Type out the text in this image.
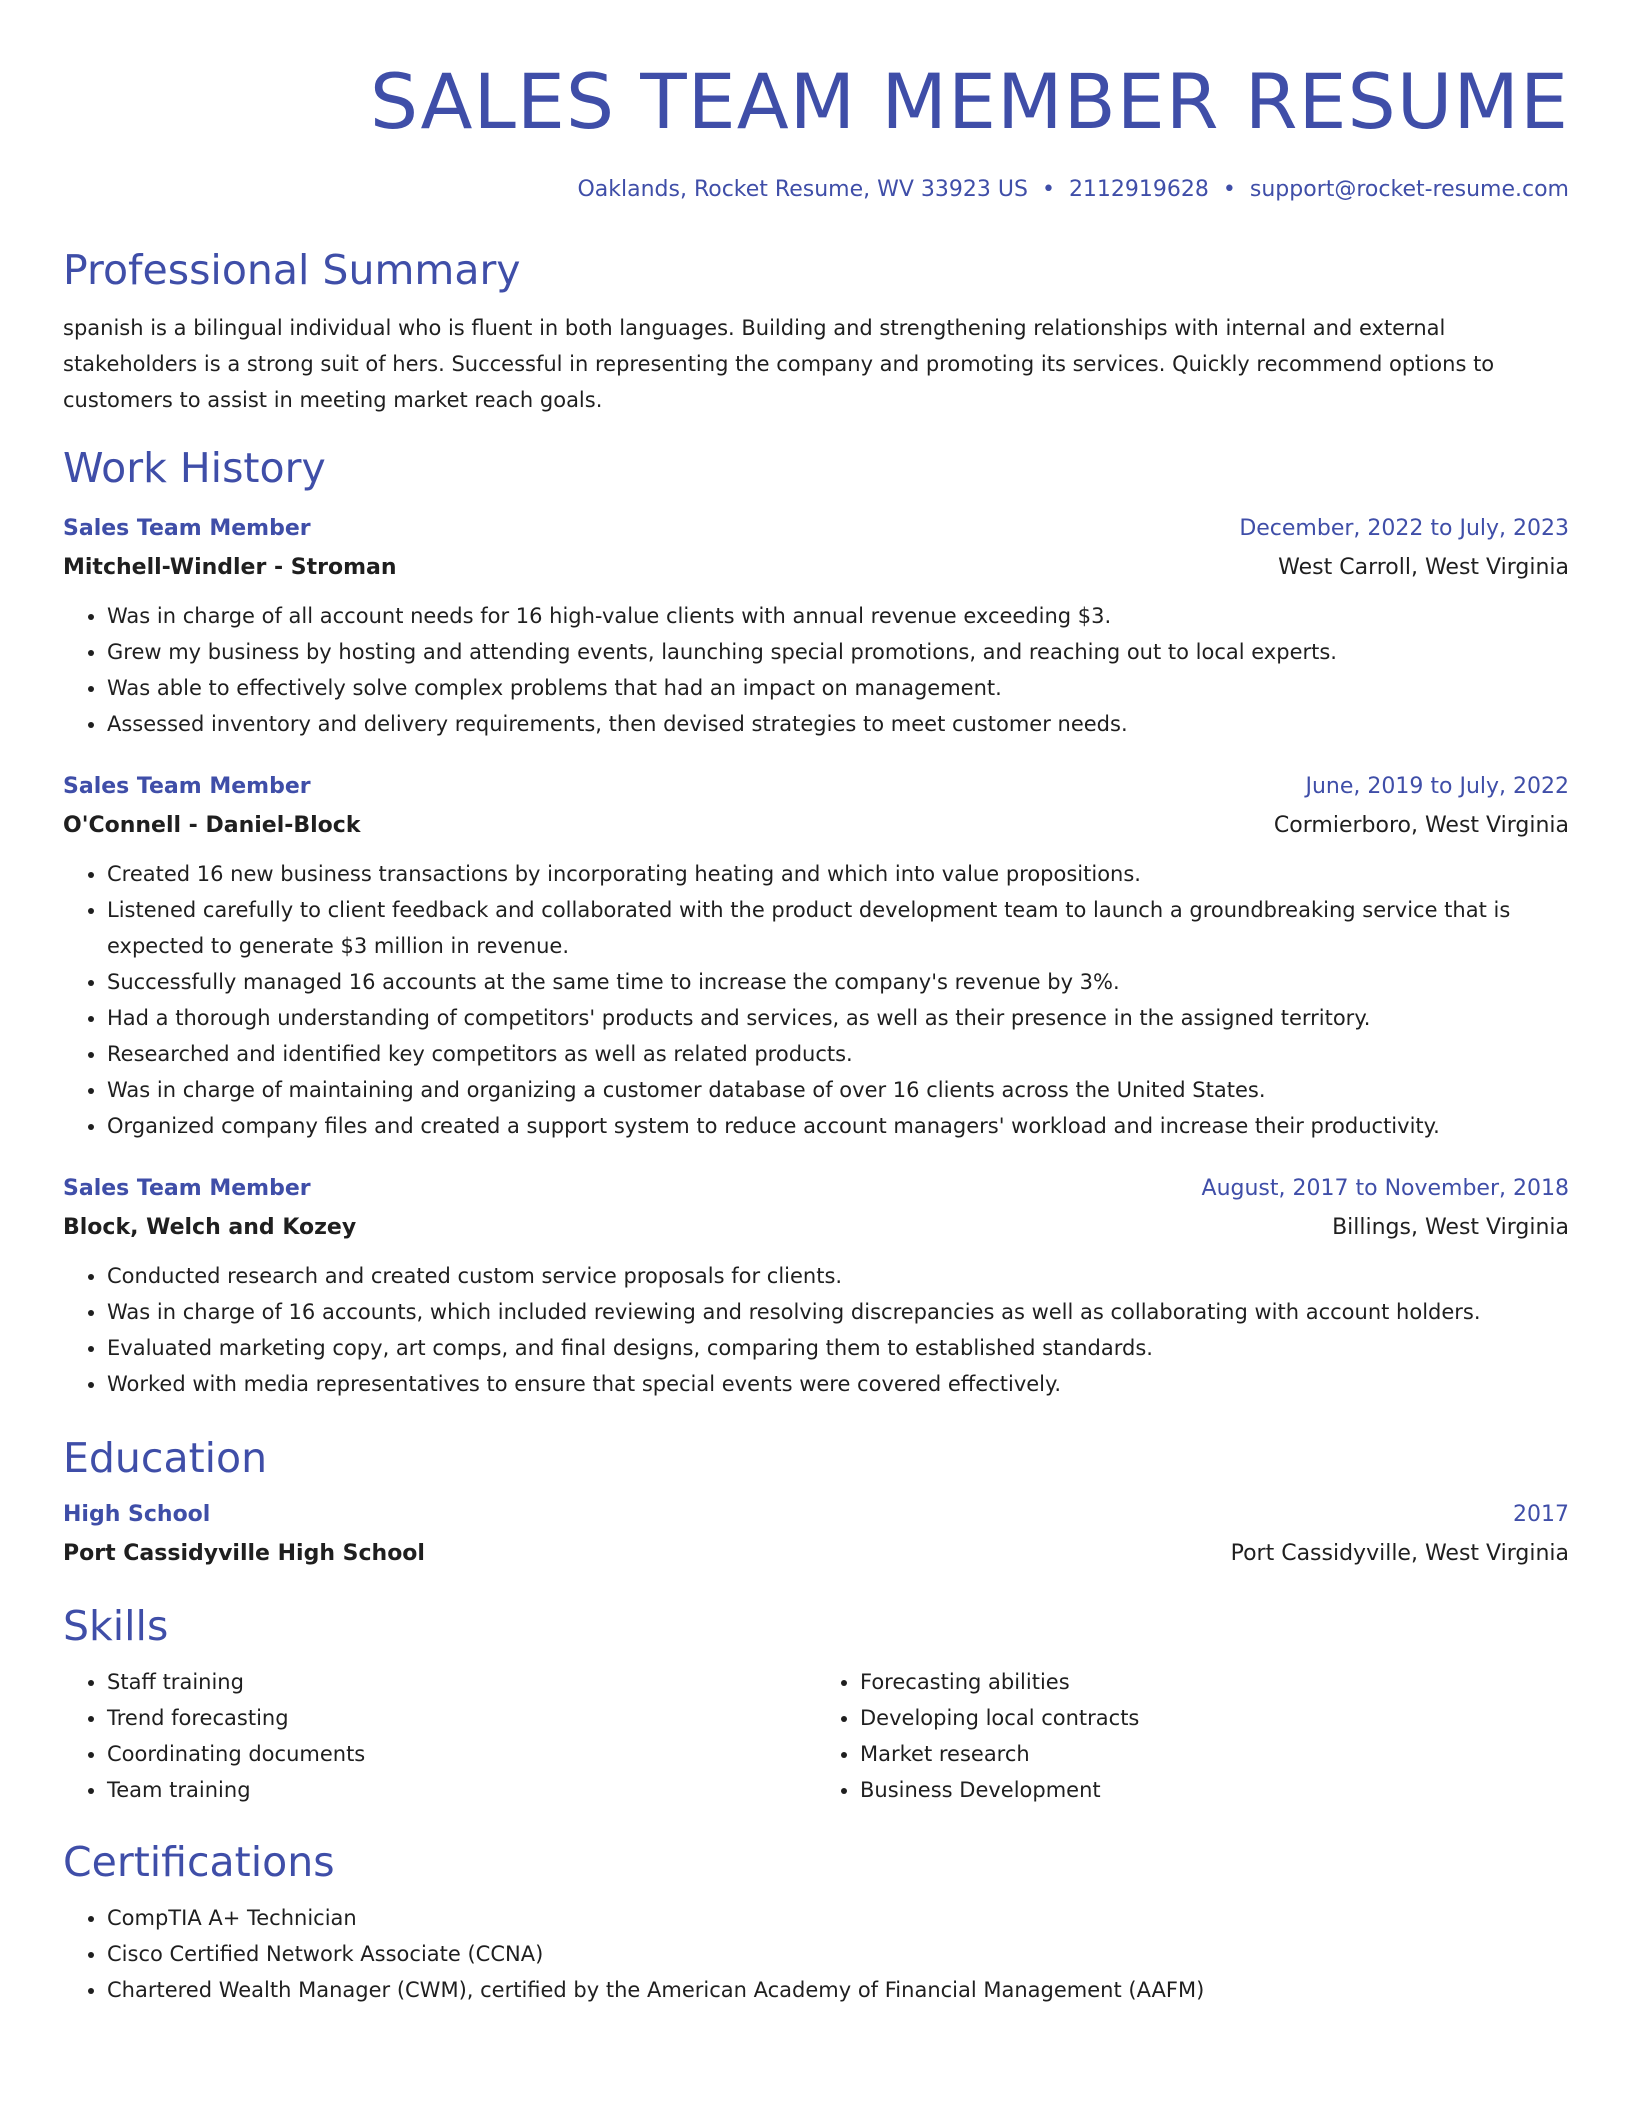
SALES TEAM MEMBER RESUME
Oaklands, Rocket Resume, WV 33923 US • 2112919628 • support@rocket-resume.com
Professional Summary
spanish is a bilingual individual who is fluent in both languages. Building and strengthening relationships with internal and external stakeholders is a strong suit of hers. Successful in representing the company and promoting its services. Quickly recommend options to customers to assist in meeting market reach goals.
Work History
Sales Team Member	December, 2022 to July, 2023
Mitchell-Windler - Stroman	West Carroll, West Virginia
• Was in charge of all account needs for 16 high-value clients with annual revenue exceeding $3.
• Grew my business by hosting and attending events, launching special promotions, and reaching out to local experts.
• Was able to effectively solve complex problems that had an impact on management.
• Assessed inventory and delivery requirements, then devised strategies to meet customer needs.
Sales Team Member	June, 2019 to July, 2022
O'Connell - Daniel-Block	Cormierboro, West Virginia
• Created 16 new business transactions by incorporating heating and which into value propositions.
• Listened carefully to client feedback and collaborated with the product development team to launch a groundbreaking service that is expected to generate $3 million in revenue.
• Successfully managed 16 accounts at the same time to increase the company's revenue by 3%.
• Had a thorough understanding of competitors' products and services, as well as their presence in the assigned territory.
• Researched and identified key competitors as well as related products.
• Was in charge of maintaining and organizing a customer database of over 16 clients across the United States.
• Organized company files and created a support system to reduce account managers' workload and increase their productivity.
Sales Team Member	August, 2017 to November, 2018
Block, Welch and Kozey	Billings, West Virginia
• Conducted research and created custom service proposals for clients.
• Was in charge of 16 accounts, which included reviewing and resolving discrepancies as well as collaborating with account holders.
• Evaluated marketing copy, art comps, and final designs, comparing them to established standards.
• Worked with media representatives to ensure that special events were covered effectively.
Education
High School	2017
Port Cassidyville High School	Port Cassidyville, West Virginia
Skills
• Staff training
• Trend forecasting
• Coordinating documents
• Team training
• Forecasting abilities
• Developing local contracts
• Market research
• Business Development
Certifications
• CompTIA A+ Technician
• Cisco Certified Network Associate (CCNA)
• Chartered Wealth Manager (CWM), certified by the American Academy of Financial Management (AAFM)
